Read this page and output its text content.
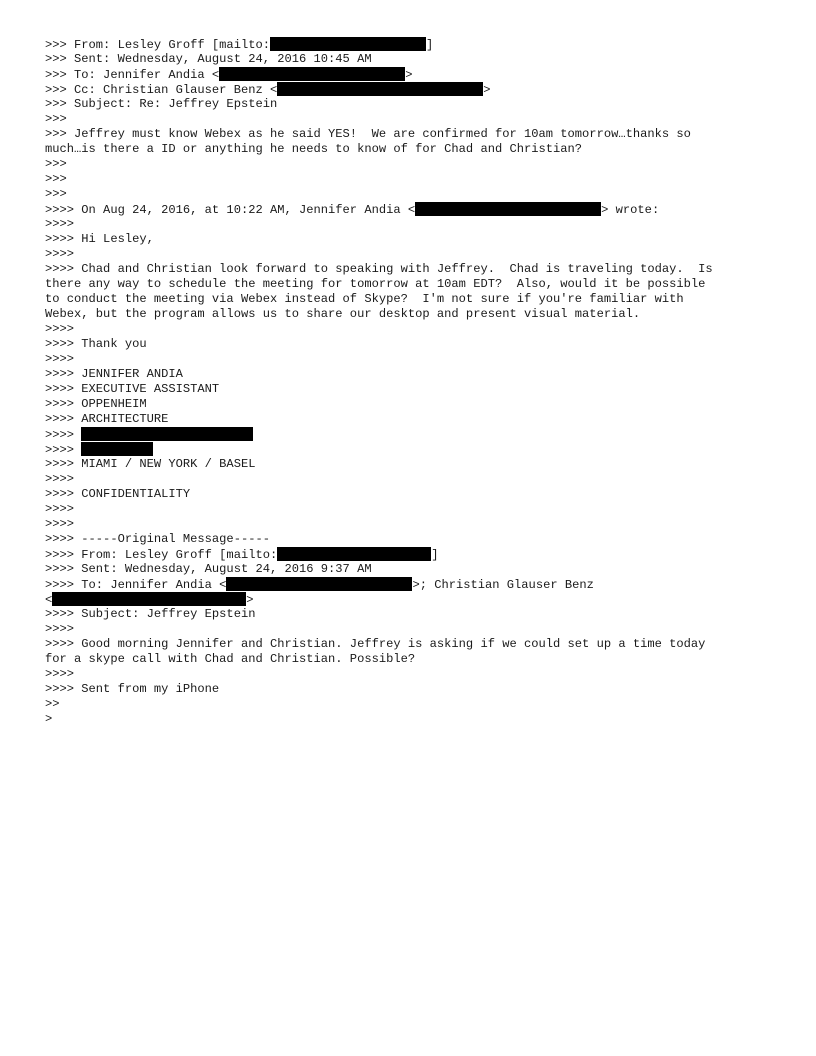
>>> From: Lesley Groff [mailto:	]
>>> Sent: Wednesday, August 24, 2016 10:45 AM
>>> To: Jennifer Andia <	>
>>> Cc: Christian Glauser Benz <	>
>>> Subject: Re: Jeffrey Epstein
>>>
>>> Jeffrey must know Webex as he said YES!  We are confirmed for 10am tomorrow…thanks so
much…is there a ID or anything he needs to know of for Chad and Christian?
>>>
>>>
>>>
>>>> On Aug 24, 2016, at 10:22 AM, Jennifer Andia <	> wrote:
>>>>
>>>> Hi Lesley,
>>>>
>>>> Chad and Christian look forward to speaking with Jeffrey.  Chad is traveling today.  Is
there any way to schedule the meeting for tomorrow at 10am EDT?  Also, would it be possible
to conduct the meeting via Webex instead of Skype?  I'm not sure if you're familiar with
Webex, but the program allows us to share our desktop and present visual material.
>>>>
>>>> Thank you
>>>>
>>>> JENNIFER ANDIA
>>>> EXECUTIVE ASSISTANT
>>>> OPPENHEIM
>>>> ARCHITECTURE
>>>>
>>>>
>>>> MIAMI / NEW YORK / BASEL
>>>>
>>>> CONFIDENTIALITY
>>>>
>>>>
>>>> -----Original Message-----
>>>> From: Lesley Groff [mailto:	]
>>>> Sent: Wednesday, August 24, 2016 9:37 AM
>>>> To: Jennifer Andia <	>; Christian Glauser Benz
<	>
>>>> Subject: Jeffrey Epstein
>>>>
>>>> Good morning Jennifer and Christian. Jeffrey is asking if we could set up a time today
for a skype call with Chad and Christian. Possible?
>>>>
>>>> Sent from my iPhone
>>
>
